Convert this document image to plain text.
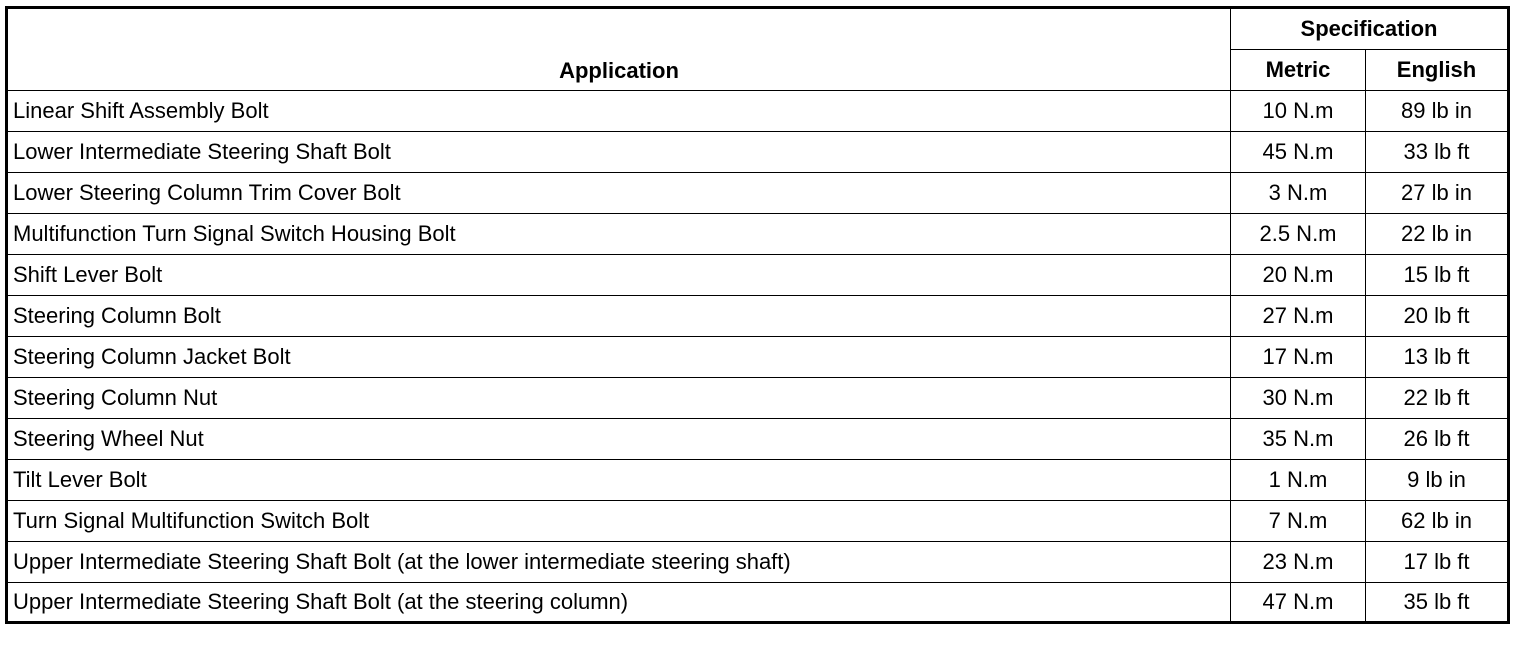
Application	Specification	
	Metric	English
Linear Shift Assembly Bolt	10 N.m	89 lb in
Lower Intermediate Steering Shaft Bolt	45 N.m	33 lb ft
Lower Steering Column Trim Cover Bolt	3 N.m	27 lb in
Multifunction Turn Signal Switch Housing Bolt	2.5 N.m	22 lb in
Shift Lever Bolt	20 N.m	15 lb ft
Steering Column Bolt	27 N.m	20 lb ft
Steering Column Jacket Bolt	17 N.m	13 lb ft
Steering Column Nut	30 N.m	22 lb ft
Steering Wheel Nut	35 N.m	26 lb ft
Tilt Lever Bolt	1 N.m	9 lb in
Turn Signal Multifunction Switch Bolt	7 N.m	62 lb in
Upper Intermediate Steering Shaft Bolt (at the lower intermediate steering shaft)	23 N.m	17 lb ft
Upper Intermediate Steering Shaft Bolt (at the steering column)	47 N.m	35 lb ft
